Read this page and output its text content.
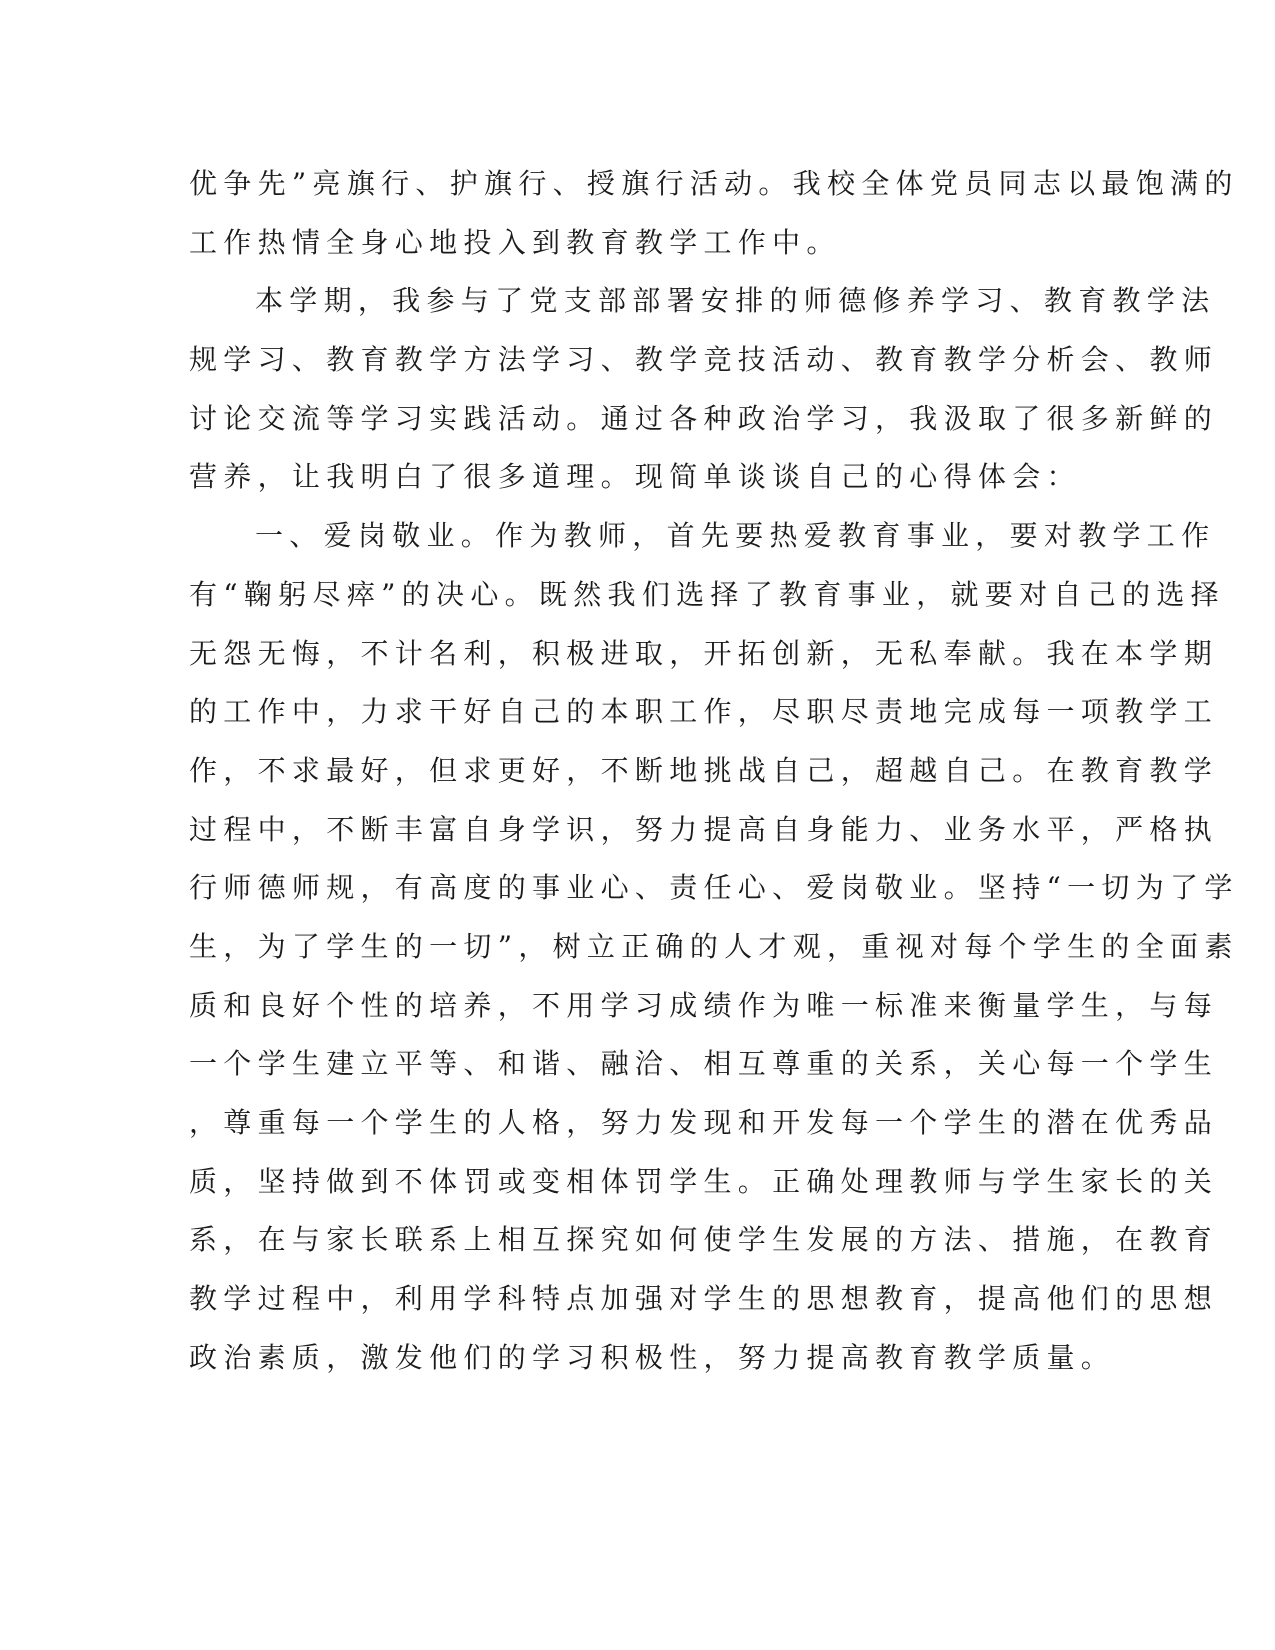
优争先”亮旗行、护旗行、授旗行活动。我校全体党员同志以最饱满的
工作热情全身心地投入到教育教学工作中。
本学期，我参与了党支部部署安排的师德修养学习、教育教学法
规学习、教育教学方法学习、教学竞技活动、教育教学分析会、教师
讨论交流等学习实践活动。通过各种政治学习，我汲取了很多新鲜的
营养，让我明白了很多道理。现简单谈谈自己的心得体会：
一、爱岗敬业。作为教师，首先要热爱教育事业，要对教学工作
有“鞠躬尽瘁”的决心。既然我们选择了教育事业，就要对自己的选择
无怨无悔，不计名利，积极进取，开拓创新，无私奉献。我在本学期
的工作中，力求干好自己的本职工作，尽职尽责地完成每一项教学工
作，不求最好，但求更好，不断地挑战自己，超越自己。在教育教学
过程中，不断丰富自身学识，努力提高自身能力、业务水平，严格执
行师德师规，有高度的事业心、责任心、爱岗敬业。坚持“一切为了学
生，为了学生的一切”，树立正确的人才观，重视对每个学生的全面素
质和良好个性的培养，不用学习成绩作为唯一标准来衡量学生，与每
一个学生建立平等、和谐、融洽、相互尊重的关系，关心每一个学生
，尊重每一个学生的人格，努力发现和开发每一个学生的潜在优秀品
质，坚持做到不体罚或变相体罚学生。正确处理教师与学生家长的关
系，在与家长联系上相互探究如何使学生发展的方法、措施，在教育
教学过程中，利用学科特点加强对学生的思想教育，提高他们的思想
政治素质，激发他们的学习积极性，努力提高教育教学质量。
